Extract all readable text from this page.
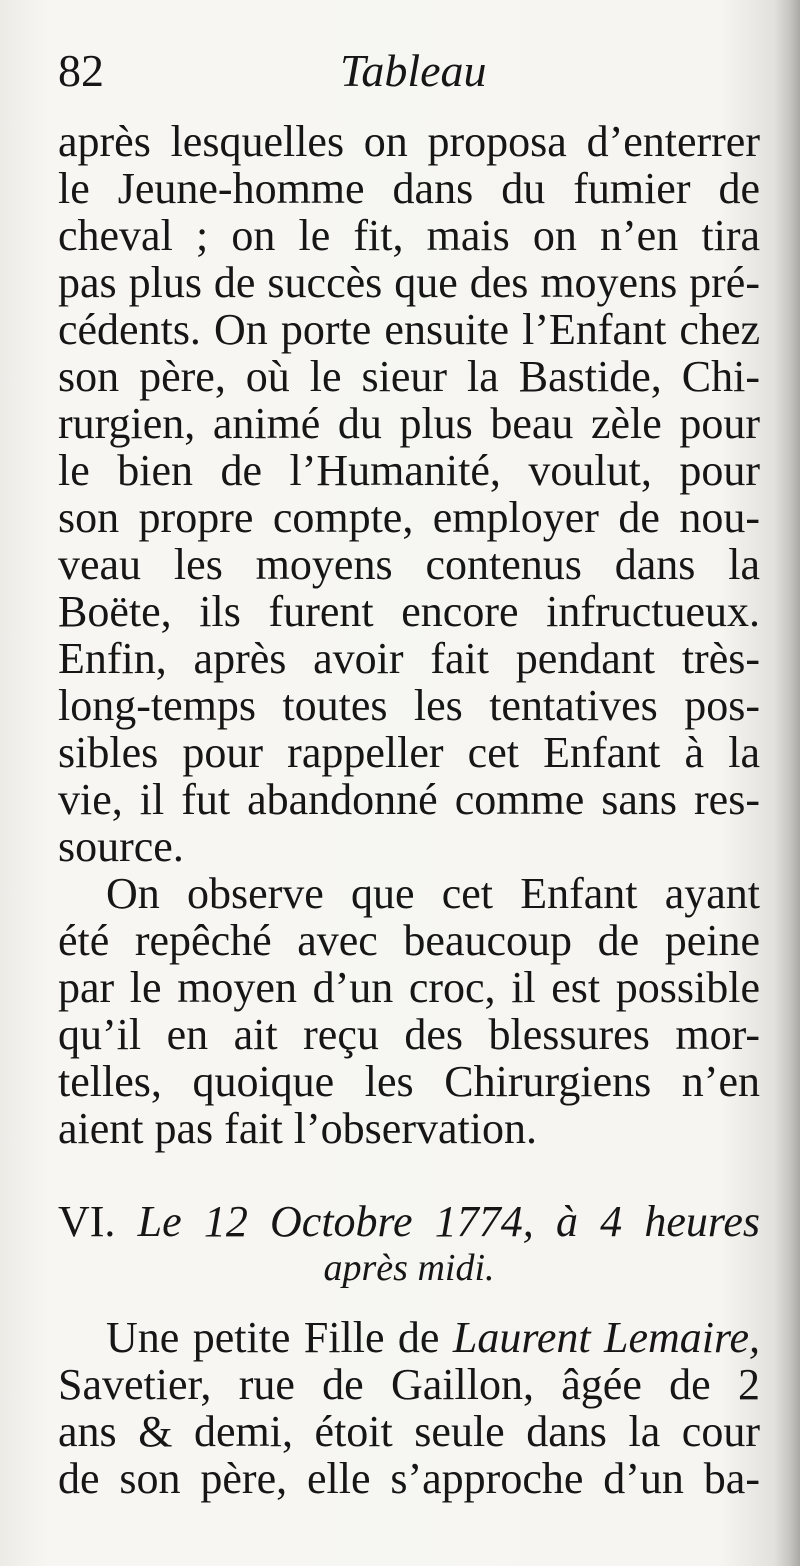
82	Tableau
après lesquelles on proposa d’enterrer
le Jeune-homme dans du fumier de
cheval ; on le fit, mais on n’en tira
pas plus de succès que des moyens pré-
cédents. On porte ensuite l’Enfant chez
son père, où le sieur la Bastide, Chi-
rurgien, animé du plus beau zèle pour
le bien de l’Humanité, voulut, pour
son propre compte, employer de nou-
veau les moyens contenus dans la
Boëte, ils furent encore infructueux.
Enfin, après avoir fait pendant très-
long-temps toutes les tentatives pos-
sibles pour rappeller cet Enfant à la
vie, il fut abandonné comme sans res-
source.
On observe que cet Enfant ayant
été repêché avec beaucoup de peine
par le moyen d’un croc, il est possible
qu’il en ait reçu des blessures mor-
telles, quoique les Chirurgiens n’en
aient pas fait l’observation.
VI. Le 12 Octobre 1774, à 4 heures
après midi.
Une petite Fille de Laurent Lemaire,
Savetier, rue de Gaillon, âgée de 2
ans & demi, étoit seule dans la cour
de son père, elle s’approche d’un ba-
